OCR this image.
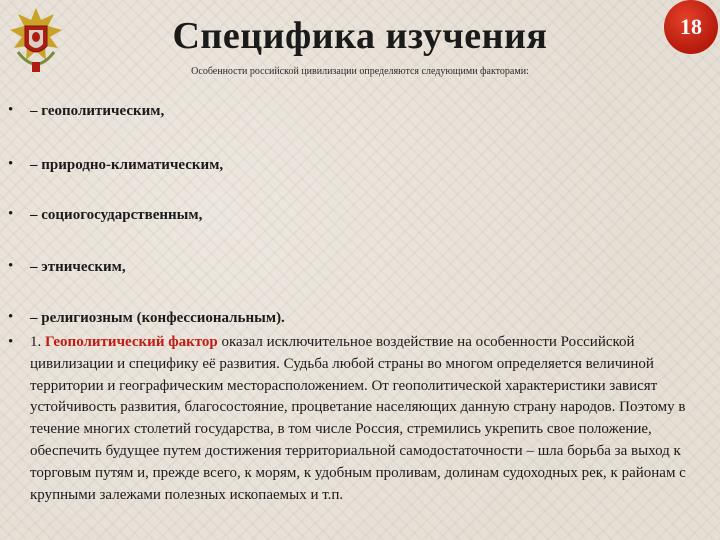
Специфика изучения	18
Особенности российской цивилизации определяются следующими факторами:
• – геополитическим,
• – природно-климатическим,
• – социогосударственным,
• – этническим,
• – религиозным (конфессиональным).
• 1. Геополитический фактор оказал исключительное воздействие на особенности Российской цивилизации и специфику её развития. Судьба любой страны во многом определяется величиной территории и географическим месторасположением. От геополитической характеристики зависят устойчивость развития, благосостояние, процветание населяющих данную страну народов. Поэтому в течение многих столетий государства, в том числе Россия, стремились укрепить свое положение, обеспечить будущее путем достижения территориальной самодостаточности – шла борьба за выход к торговым путям и, прежде всего, к морям, к удобным проливам, долинам судоходных рек, к районам с крупными залежами полезных ископаемых и т.п.
